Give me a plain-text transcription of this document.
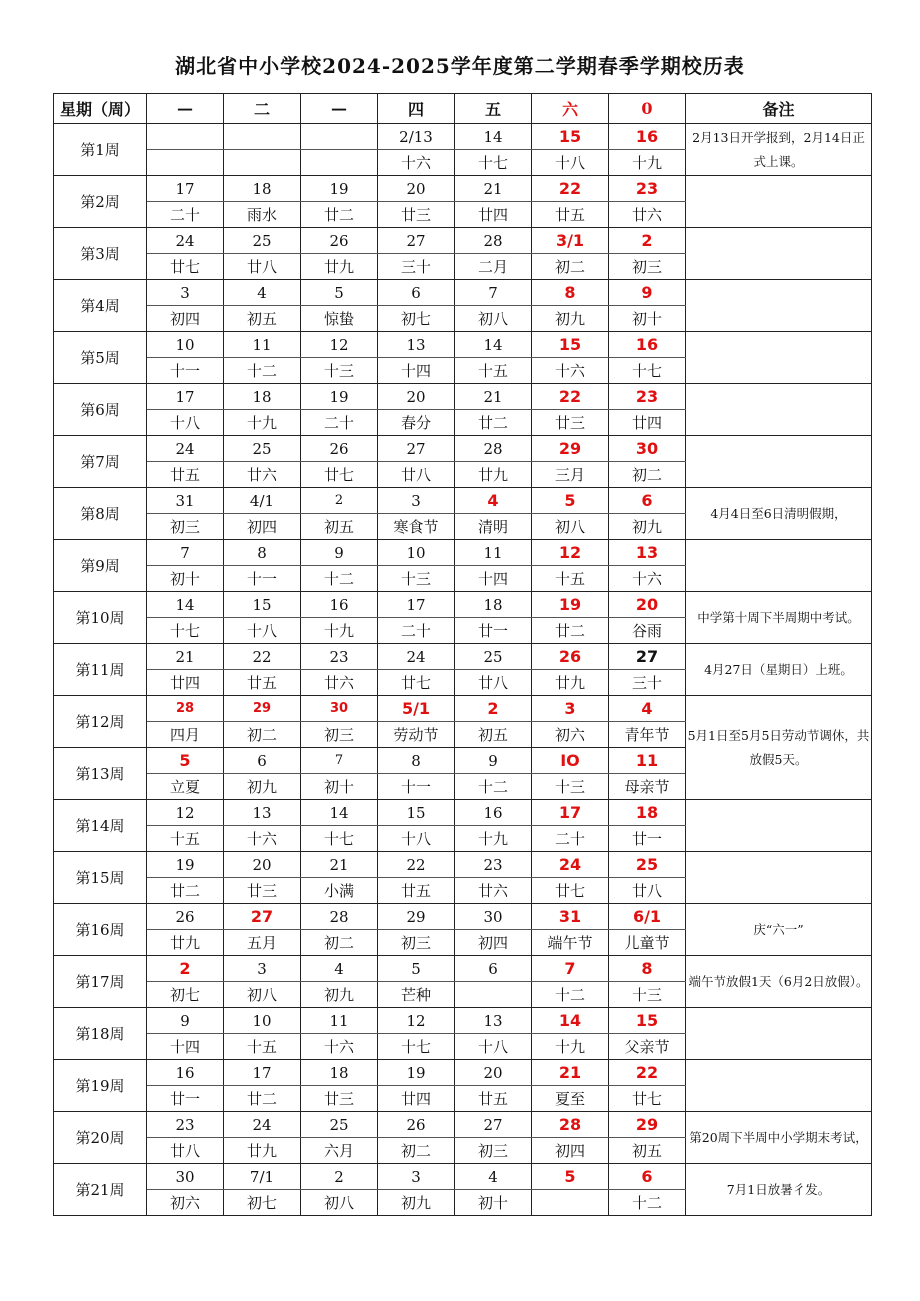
湖北省中小学校2024-2025学年度第二学期春季学期校历表
星期（周）	—	二	—	四	五	六	0	备注
第1周				2/13	14	15	16	2月13日开学报到，2月14日正式上课。
				十六	十七	十八	十九	
第2周	17	18	19	20	21	22	23	
	二十	雨水	廿二	廿三	廿四	廿五	廿六	
第3周	24	25	26	27	28	3/1	2	
	廿七	廿八	廿九	三十	二月	初二	初三	
第4周	3	4	5	6	7	8	9	
	初四	初五	惊蛰	初七	初八	初九	初十	
第5周	10	11	12	13	14	15	16	
	十一	十二	十三	十四	十五	十六	十七	
第6周	17	18	19	20	21	22	23	
	十八	十九	二十	春分	廿二	廿三	廿四	
第7周	24	25	26	27	28	29	30	
	廿五	廿六	廿七	廿八	廿九	三月	初二	
第8周	31	4/1	2	3	4	5	6	4月4日至6日清明假期，
	初三	初四	初五	寒食节	清明	初八	初九	
第9周	7	8	9	10	11	12	13	
	初十	十一	十二	十三	十四	十五	十六	
第10周	14	15	16	17	18	19	20	中学第十周下半周期中考试。
	十七	十八	十九	二十	廿一	廿二	谷雨	
第11周	21	22	23	24	25	26	27	4月27日（星期日）上班。
	廿四	廿五	廿六	廿七	廿八	廿九	三十	
第12周	28	29	30	5/1	2	3	4	5月1日至5月5日劳动节调休，共放假5天。
	四月	初二	初三	劳动节	初五	初六	青年节	
第13周	5	6	7	8	9	IO	11	
	立夏	初九	初十	十一	十二	十三	母亲节	
第14周	12	13	14	15	16	17	18	
	十五	十六	十七	十八	十九	二十	廿一	
第15周	19	20	21	22	23	24	25	
	廿二	廿三	小满	廿五	廿六	廿七	廿八	
第16周	26	27	28	29	30	31	6/1	庆“六一”
	廿九	五月	初二	初三	初四	端午节	儿童节	
第17周	2	3	4	5	6	7	8	端午节放假1天（6月2日放假）。
	初七	初八	初九	芒种		十二	十三	
第18周	9	10	11	12	13	14	15	
	十四	十五	十六	十七	十八	十九	父亲节	
第19周	16	17	18	19	20	21	22	
	廿一	廿二	廿三	廿四	廿五	夏至	廿七	
第20周	23	24	25	26	27	28	29	第20周下半周中小学期末考试，
	廿八	廿九	六月	初二	初三	初四	初五	
第21周	30	7/1	2	3	4	5	6	7月1日放暑彳发。
	初六	初七	初八	初九	初十		十二	
